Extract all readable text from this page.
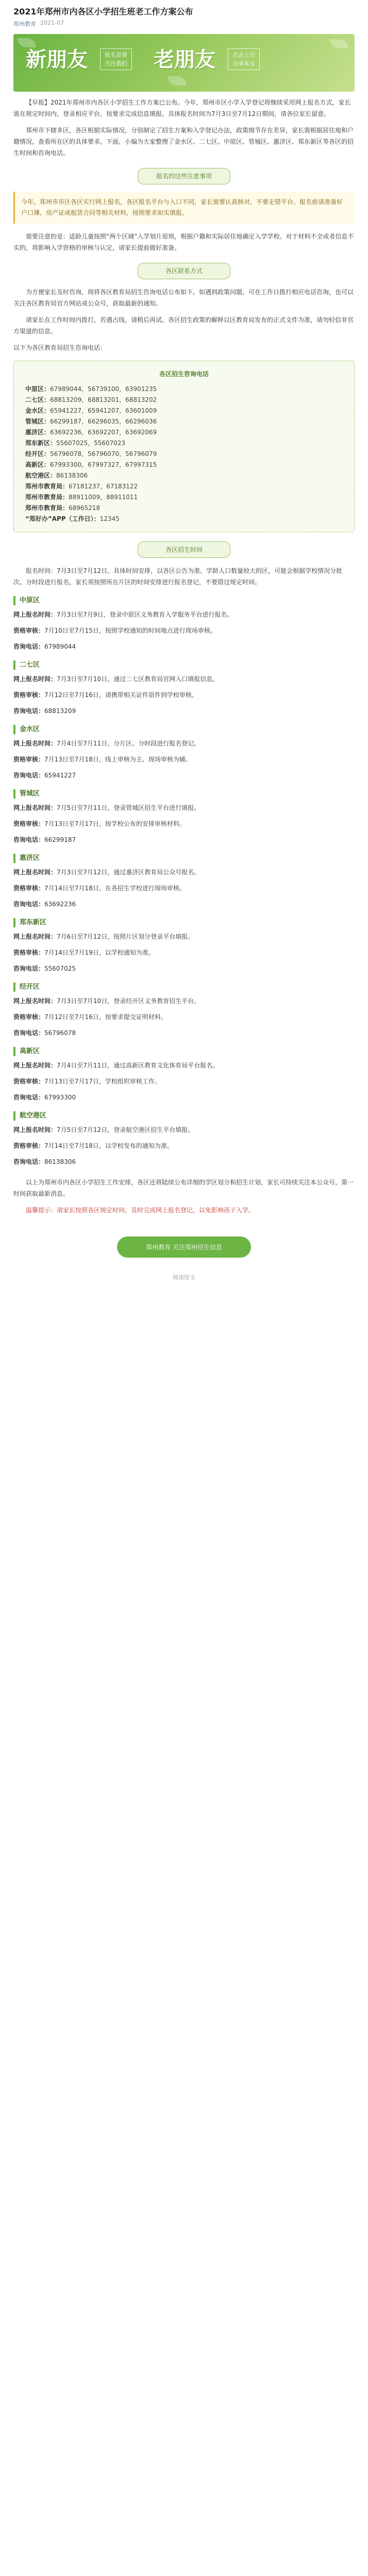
2021年郑州市内各区小学招生班老工作方案公布
郑州教育 2021-07
新朋友	报名是要 关注我们 老朋友	点击上方 分享本文

【早报】2021年郑州市内各区小学招生工作方案已公布。今年，郑州市区小学入学登记将继续采用网上报名方式，家长需在规定时间内，登录相应平台，按要求完成信息填报。具体报名时间为7月3日至7月12日期间，请各位家长留意。

郑州市下辖多区，各区根据实际情况，分别制定了招生方案和入学登记办法，政策细节存在差异，家长需根据居住地和户籍情况，查看所在区的具体要求。下面，小编为大家整理了金水区、二七区、中原区、管城区、惠济区、郑东新区等各区的招生时间和咨询电话。

报名的这些注意事项
今年，郑州市市区各区实行网上报名，各区报名平台与入口不同，家长需要认真核对、不要走错平台。报名前请准备好户口簿、房产证或租赁合同等相关材料，按照要求如实填报。

需要注意的是：适龄儿童按照“两个区域”入学划片原则，根据户籍和实际居住地确定入学学校。对于材料不全或者信息不实的，将影响入学资格的审核与认定，请家长提前做好准备。

各区联系方式

为方便家长及时咨询，现将各区教育局招生咨询电话公布如下。如遇到政策问题，可在工作日拨打相应电话咨询，也可以关注各区教育局官方网站或公众号，获取最新的通知。

请家长在工作时间内拨打，若遇占线，请稍后再试。各区招生政策的解释以区教育局发布的正式文件为准，请勿轻信非官方渠道的信息。

以下为各区教育局招生咨询电话：

各区招生咨询电话
中原区：67989044，56739100，63901235
二七区：68813209，68813201，68813202
金水区：65941227，65941207，63601009
管城区：66299187，66296035，66296036
惠济区：63692236，63692207，63692069
郑东新区：55607025，55607023
经开区：56796078，56796070，56796079
高新区：67993300，67997327，67997315
航空港区：86138306
郑州市教育局：67181237，67183122
郑州市教育局：88911009，88911011
郑州市教育局：68965218
“郑好办”APP（工作日）：12345
各区招生时间

报名时间：7月3日至7月12日。具体时间安排，以各区公告为准。学龄人口数量较大的区，可能会根据学校情况分批次、分时段进行报名，家长须按照所在片区的时间安排进行报名登记，不要错过规定时间。

中原区

网上报名时间：7月3日至7月9日，登录中原区义务教育入学服务平台进行报名。

资格审核：7月10日至7月15日，按照学校通知的时间地点进行现场审核。

咨询电话：67989044

二七区

网上报名时间：7月3日至7月10日，通过二七区教育局官网入口填报信息。

资格审核：7月12日至7月16日，请携带相关证件原件到学校审核。

咨询电话：68813209

金水区

网上报名时间：7月4日至7月11日，分片区、分时段进行报名登记。

资格审核：7月13日至7月18日，线上审核为主、现场审核为辅。

咨询电话：65941227

管城区

网上报名时间：7月5日至7月11日，登录管城区招生平台进行填报。

资格审核：7月13日至7月17日，按学校公布的安排审核材料。

咨询电话：66299187

惠济区

网上报名时间：7月3日至7月12日，通过惠济区教育局公众号报名。

资格审核：7月14日至7月18日，在各招生学校进行现场审核。

咨询电话：63692236

郑东新区

网上报名时间：7月6日至7月12日，按照片区划分登录平台填报。

资格审核：7月14日至7月19日，以学校通知为准。

咨询电话：55607025

经开区

网上报名时间：7月3日至7月10日，登录经开区义务教育招生平台。

资格审核：7月12日至7月16日，按要求提交证明材料。

咨询电话：56796078

高新区

网上报名时间：7月4日至7月11日，通过高新区教育文化体育局平台报名。

资格审核：7月13日至7月17日，学校组织审核工作。

咨询电话：67993300

航空港区

网上报名时间：7月5日至7月12日，登录航空港区招生平台填报。

资格审核：7月14日至7月18日，以学校发布的通知为准。

咨询电话：86138306

以上为郑州市内各区小学招生工作安排，各区还将陆续公布详细的学区划分和招生计划，家长可持续关注本公众号，第一时间获取最新消息。

温馨提示：请家长按照各区规定时间，及时完成网上报名登记，以免影响孩子入学。

郑州教育 关注郑州招生信息
阅读原文
